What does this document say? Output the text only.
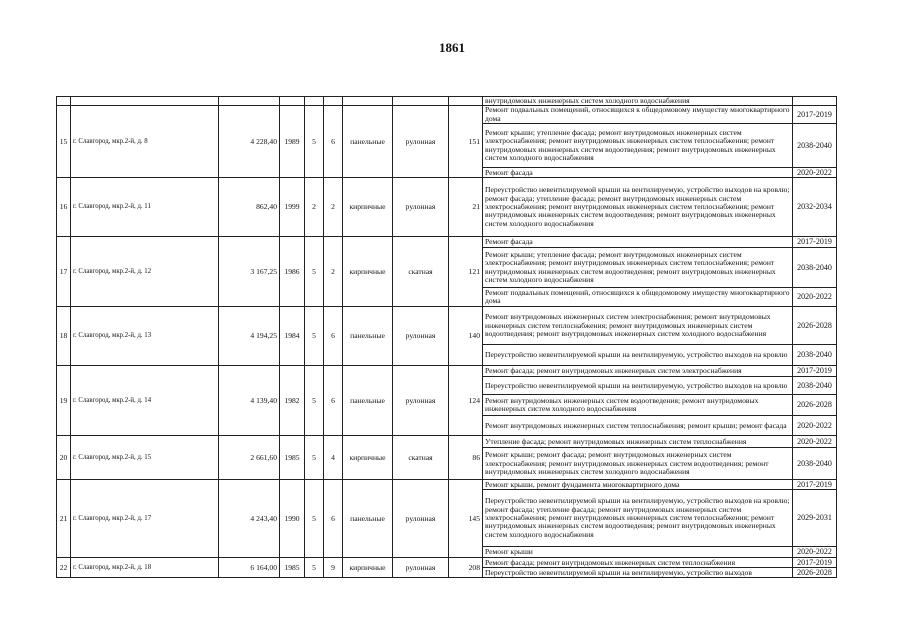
1861
									внутридомовых инженерных систем холодного водоснабжения	
15	г. Славгород, мкр.2-й, д. 8	4 228,40	1989	5	6	панельные	рулонная	151	Ремонт подвальных помещений, относящихся к общедомовому имуществу многоквартирного дома	2017-2019
									Ремонт крыши; утепление фасада; ремонт внутридомовых инженерных систем электроснабжения; ремонт внутридомовых инженерных систем теплоснабжения; ремонт внутридомовых инженерных систем водоотведения; ремонт внутридомовых инженерных систем холодного водоснабжения	2038-2040
									Ремонт фасада	2020-2022
16	г. Славгород, мкр.2-й, д. 11	862,40	1999	2	2	кирпичные	рулонная	21	Переустройство невентилируемой крыши на вентилируемую, устройство выходов на кровлю; ремонт фасада; утепление фасада; ремонт внутридомовых инженерных систем электроснабжения; ремонт внутридомовых инженерных систем теплоснабжения; ремонт внутридомовых инженерных систем водоотведения; ремонт внутридомовых инженерных систем холодного водоснабжения	2032-2034
17	г. Славгород, мкр.2-й, д. 12	3 167,25	1986	5	2	кирпичные	скатная	121	Ремонт фасада	2017-2019
									Ремонт крыши; утепление фасада; ремонт внутридомовых инженерных систем электроснабжения; ремонт внутридомовых инженерных систем теплоснабжения; ремонт внутридомовых инженерных систем водоотведения; ремонт внутридомовых инженерных систем холодного водоснабжения	2038-2040
									Ремонт подвальных помещений, относящихся к общедомовому имуществу многоквартирного дома	2020-2022
18	г. Славгород, мкр.2-й, д. 13	4 194,25	1984	5	6	панельные	рулонная	140	Ремонт внутридомовых инженерных систем электроснабжения; ремонт внутридомовых инженерных систем теплоснабжения; ремонт внутридомовых инженерных систем водоотведения; ремонт внутридомовых инженерных систем холодного водоснабжения	2026-2028
									Переустройство невентилируемой крыши на вентилируемую, устройство выходов на кровлю	2038-2040
19	г. Славгород, мкр.2-й, д. 14	4 139,40	1982	5	6	панельные	рулонная	124	Ремонт фасада; ремонт внутридомовых инженерных систем электроснабжения	2017-2019
									Переустройство невентилируемой крыши на вентилируемую, устройство выходов на кровлю	2038-2040
									Ремонт внутридомовых инженерных систем водоотведения; ремонт внутридомовых инженерных систем холодного водоснабжения	2026-2028
									Ремонт внутридомовых инженерных систем теплоснабжения; ремонт крыши; ремонт фасада	2020-2022
20	г. Славгород, мкр.2-й, д. 15	2 661,60	1985	5	4	кирпичные	скатная	86	Утепление фасада; ремонт внутридомовых инженерных систем теплоснабжения	2020-2022
									Ремонт крыши; ремонт фасада; ремонт внутридомовых инженерных систем электроснабжения; ремонт внутридомовых инженерных систем водоотведения; ремонт внутридомовых инженерных систем холодного водоснабжения	2038-2040
21	г. Славгород, мкр.2-й, д. 17	4 243,40	1990	5	6	панельные	рулонная	145	Ремонт крыши, ремонт фундамента многоквартирного дома	2017-2019
									Переустройство невентилируемой крыши на вентилируемую, устройство выходов на кровлю; ремонт фасада; утепление фасада; ремонт внутридомовых инженерных систем электроснабжения; ремонт внутридомовых инженерных систем теплоснабжения; ремонт внутридомовых инженерных систем водоотведения; ремонт внутридомовых инженерных систем холодного водоснабжения	2029-2031
									Ремонт крыши	2020-2022
22	г. Славгород, мкр.2-й, д. 18	6 164,00	1985	5	9	кирпичные	рулонная	208	Ремонт фасада; ремонт внутридомовых инженерных систем теплоснабжения	2017-2019
									Переустройство невентилируемой крыши на вентилируемую, устройство выходов	2026-2028
